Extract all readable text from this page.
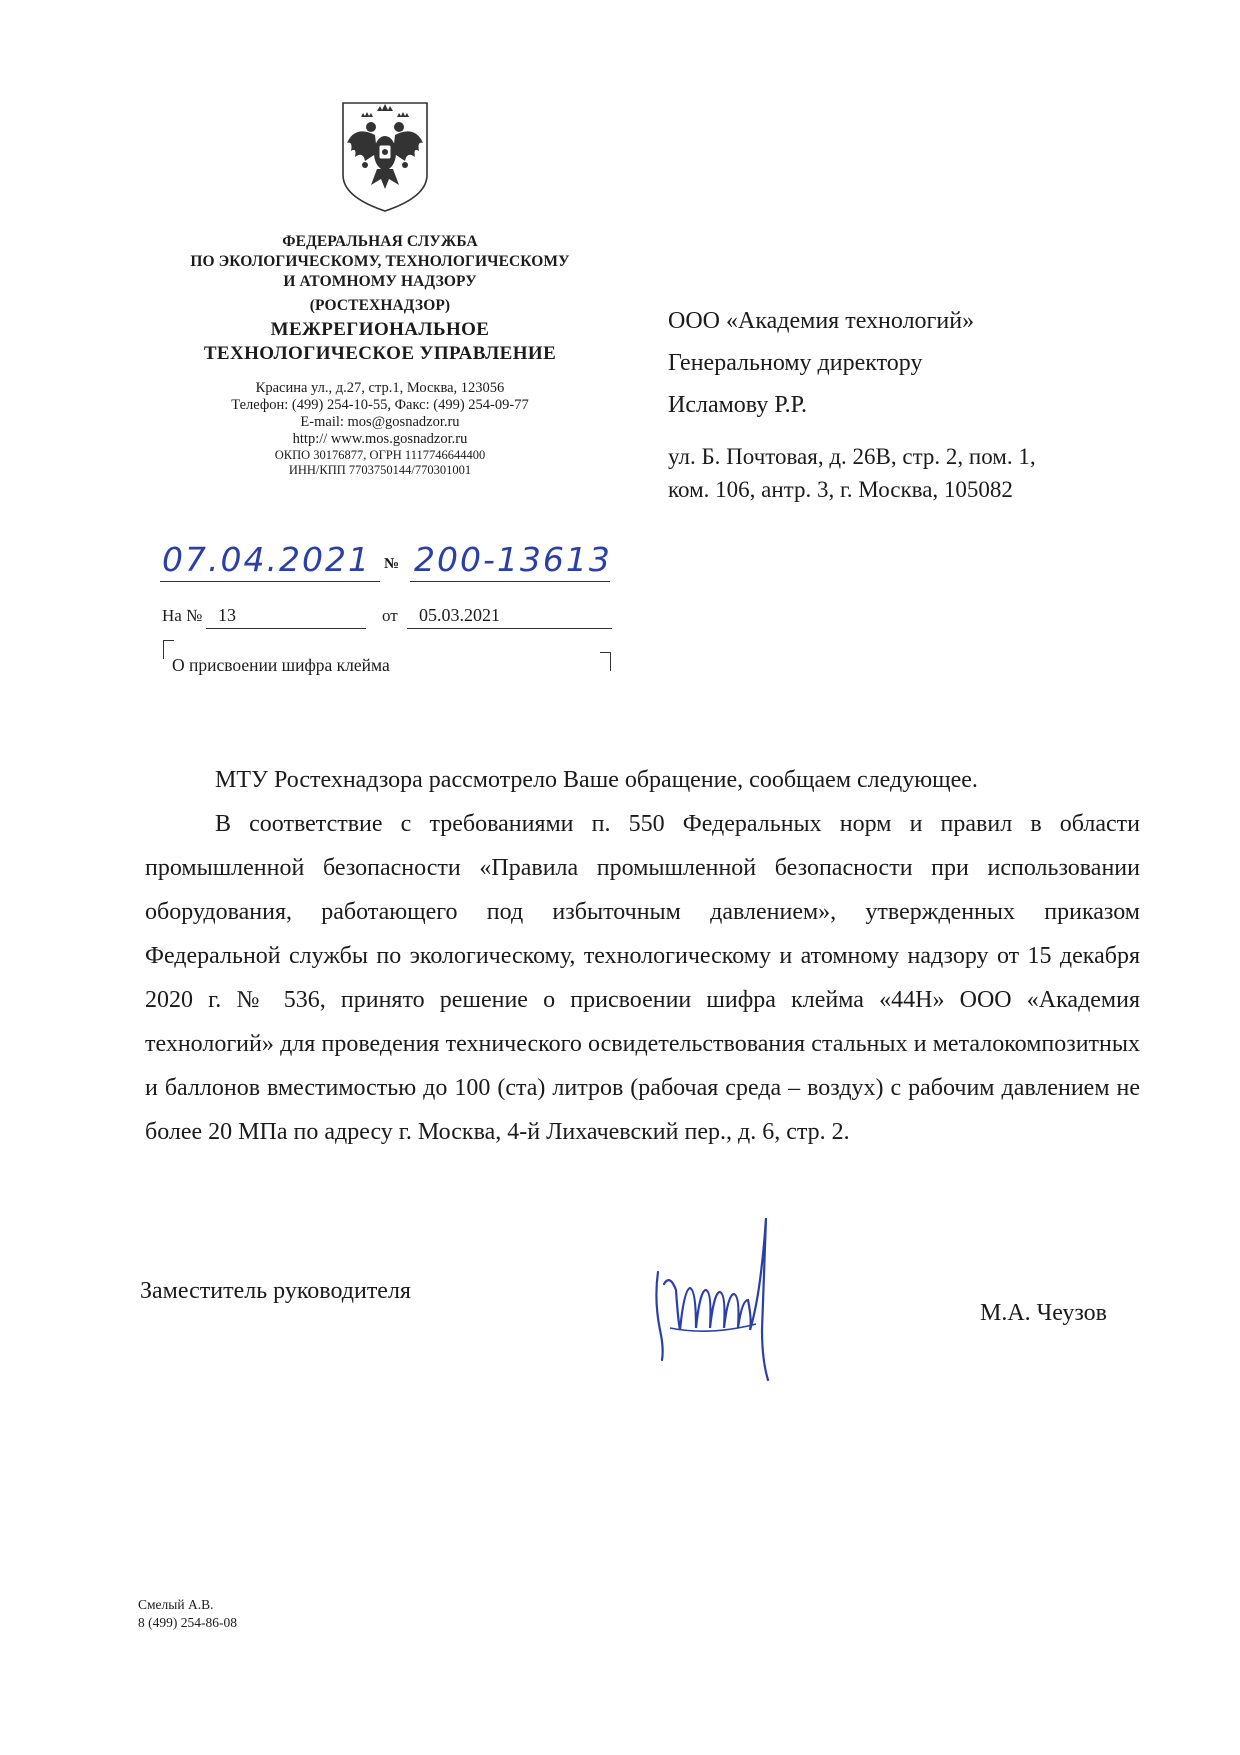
ФЕДЕРАЛЬНАЯ СЛУЖБА
ПО ЭКОЛОГИЧЕСКОМУ, ТЕХНОЛОГИЧЕСКОМУ
И АТОМНОМУ НАДЗОРУ
(РОСТЕХНАДЗОР)
МЕЖРЕГИОНАЛЬНОЕ
ТЕХНОЛОГИЧЕСКОЕ УПРАВЛЕНИЕ
Красина ул., д.27, стр.1, Москва, 123056
Телефон: (499) 254-10-55, Факс: (499) 254-09-77
E-mail: mos@gosnadzor.ru
http:// www.mos.gosnadzor.ru
ОКПО 30176877, ОГРН 1117746644400
ИНН/КПП 7703750144/770301001
07.04.2021 № 200-13613
На № 13	от 05.03.2021
О присвоении шифра клейма
ООО «Академия технологий»
Генеральному директору
Исламову Р.Р.
ул. Б. Почтовая, д. 26В, стр. 2, пом. 1,
ком. 106, антр. 3, г. Москва, 105082

МТУ Ростехнадзора рассмотрело Ваше обращение, сообщаем следующее.

В соответствие с требованиями п. 550 Федеральных норм и правил в области промышленной безопасности «Правила промышленной безопасности при использовании оборудования, работающего под избыточным давлением», утвержденных приказом Федеральной службы по экологическому, технологическому и атомному надзору от 15 декабря 2020 г. № 536, принято решение о присвоении шифра клейма «44Н» ООО «Академия технологий» для проведения технического освидетельствования стальных и металокомпозитных и баллонов вместимостью до 100 (ста) литров (рабочая среда – воздух) с рабочим давлением не более 20 МПа по адресу г. Москва, 4-й Лихачевский пер., д. 6, стр. 2.

Заместитель руководителя
М.А. Чеузов
Смелый А.В.
8 (499) 254-86-08
